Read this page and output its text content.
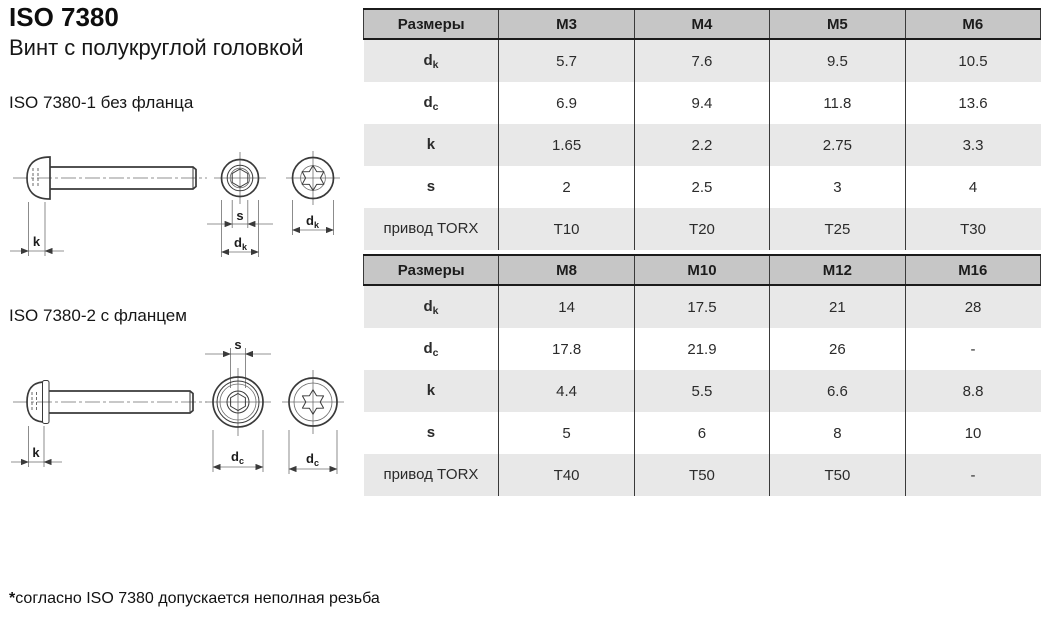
ISO 7380
Винт с полукруглой головкой
ISO 7380-1 без фланца
ISO 7380-2 с фланцем
k
s
$d_k$
$d_k$
k
s
$d_c$	$d_c$
Размеры	M3	M4	M5	M6
$d_k$	5.7	7.6	9.5	10.5
$d_c$	6.9	9.4	11.8	13.6
k	1.65	2.2	2.75	3.3
s	2	2.5	3	4
привод TORX	T10	T20	T25	T30
Размеры	M8	M10	M12	M16
$d_k$	14	17.5	21	28
$d_c$	17.8	21.9	26	-
k	4.4	5.5	6.6	8.8
s	5	6	8	10
привод TORX	T40	T50	T50	-
*согласно ISO 7380 допускается неполная резьба
